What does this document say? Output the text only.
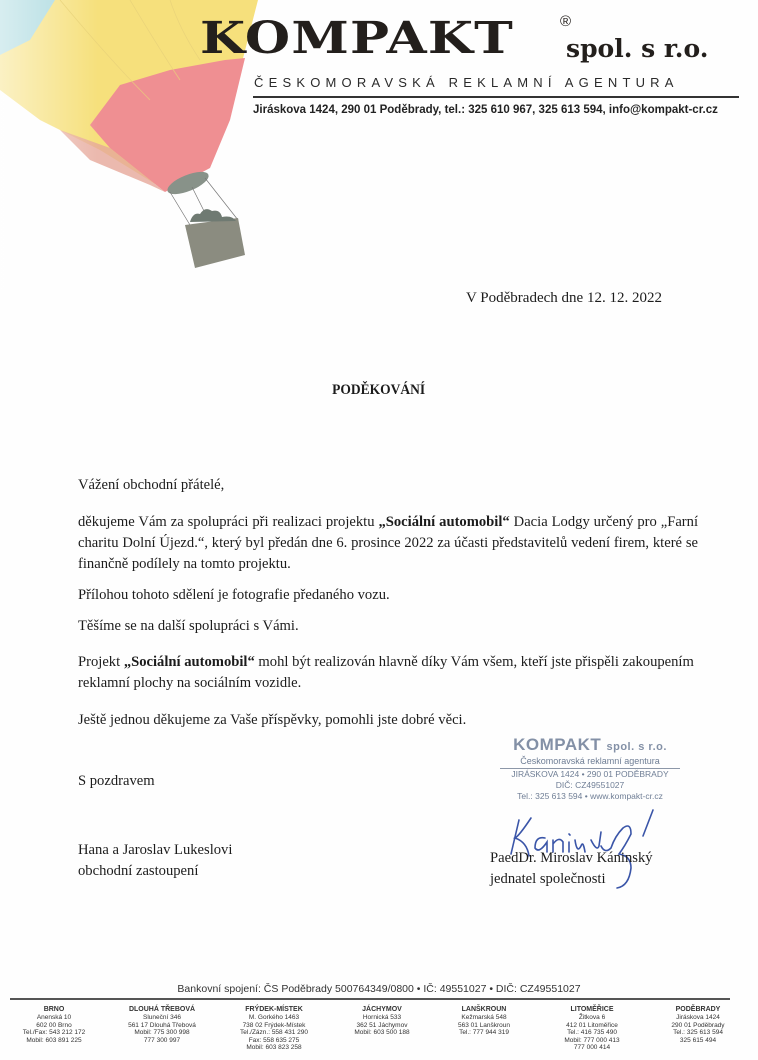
KOMPAKT	®
spol. s r.o.
ČESKOMORAVSKÁ REKLAMNÍ AGENTURA
Jiráskova 1424, 290 01 Poděbrady, tel.: 325 610 967, 325 613 594, info@kompakt-cr.cz
V Poděbradech dne 12. 12. 2022
PODĚKOVÁNÍ
Vážení obchodní přátelé,
děkujeme Vám za spolupráci při realizaci projektu „Sociální automobil“ Dacia Lodgy určený pro „Farní charitu Dolní Újezd.“, který byl předán dne 6. prosince 2022 za účasti představitelů vedení firem, které se finančně podílely na tomto projektu.
Přílohou tohoto sdělení je fotografie předaného vozu.
Těšíme se na další spolupráci s Vámi.
Projekt „Sociální automobil“ mohl být realizován hlavně díky Vám všem, kteří jste přispěli zakoupením reklamní plochy na sociálním vozidle.
Ještě jednou děkujeme za Vaše příspěvky, pomohli jste dobré věci.
S pozdravem
Hana a Jaroslav Lukeslovi
obchodní zastoupení
KOMPAKT spol. s r.o.
Českomoravská reklamní agentura
JIRÁSKOVA 1424 • 290 01 PODĚBRADY
DIČ: CZ49551027
Tel.: 325 613 594 • www.kompakt-cr.cz
PaedDr. Miroslav Káninský
jednatel společnosti
Bankovní spojení: ČS Poděbrady 500764349/0800 • IČ: 49551027 • DIČ: CZ49551027
BRNO
Anenská 10
602 00 Brno
Tel./Fax: 543 212 172
Mobil: 603 891 225
DLOUHÁ TŘEBOVÁ
Sluneční 346
561 17 Dlouhá Třebová
Mobil: 775 300 998
777 300 997
FRÝDEK-MÍSTEK
M. Gorkého 1463
738 02 Frýdek-Místek
Tel./Zázn.: 558 431 290
Fax: 558 635 275
Mobil: 603 823 258
JÁCHYMOV
Hornická 533
362 51 Jáchymov
Mobil: 603 500 188
LANŠKROUN
Kežmarská 548
563 01 Lanškroun
Tel.: 777 944 319
LITOMĚŘICE
Žitkova 6
412 01 Litoměřice
Tel.: 416 735 490
Mobil: 777 000 413
777 000 414
PODĚBRADY
Jiráskova 1424
290 01 Poděbrady
Tel.: 325 613 594
325 615 494
